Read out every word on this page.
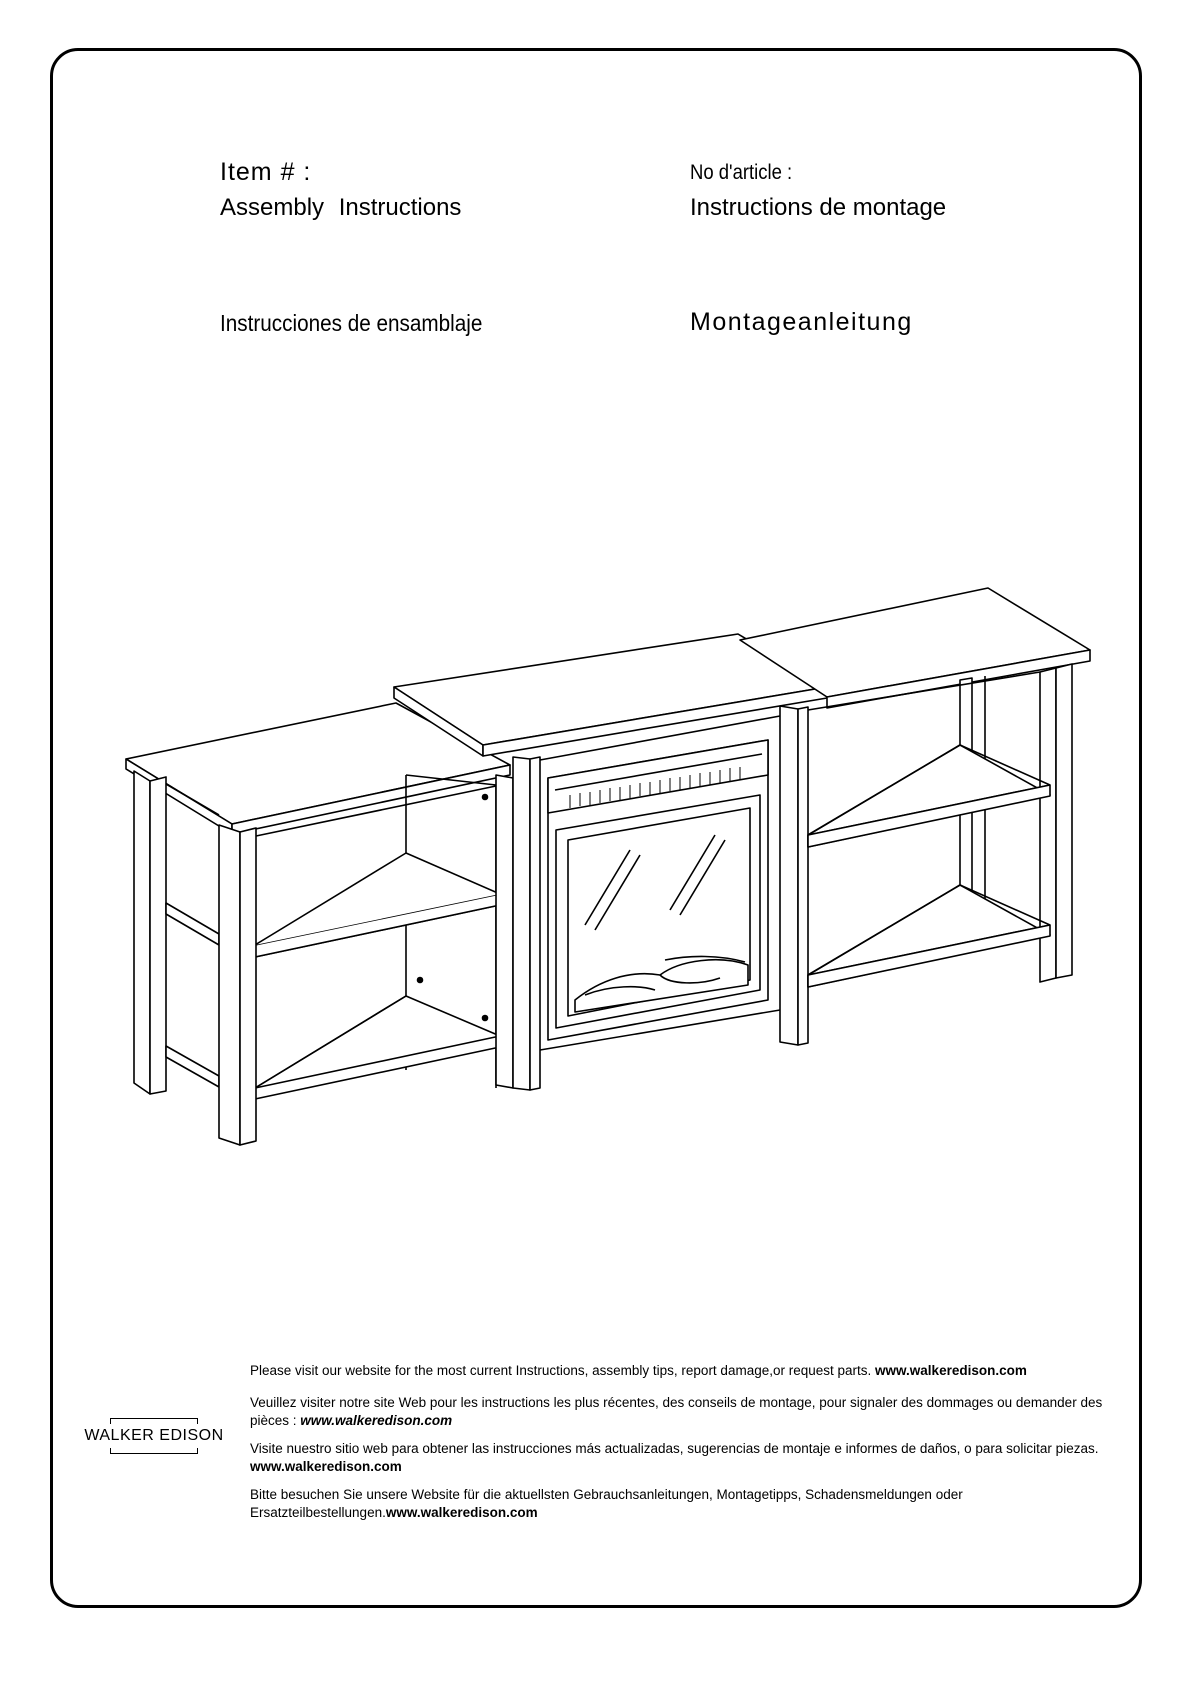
Item # :
Assembly Instructions
No d'article :
Instructions de montage
Instrucciones de ensamblaje	Montageanleitung
WALKER EDISON
Please visit our website for the most current Instructions, assembly tips, report damage,or request parts. www.walkeredison.com
Veuillez visiter notre site Web pour les instructions les plus récentes, des conseils de montage, pour signaler des dommages ou demander des pièces : www.walkeredison.com
Visite nuestro sitio web para obtener las instrucciones más actualizadas, sugerencias de montaje e informes de daños, o para solicitar piezas. www.walkeredison.com
Bitte besuchen Sie unsere Website für die aktuellsten Gebrauchsanleitungen, Montagetipps, Schadensmeldungen oder Ersatzteilbestellungen.www.walkeredison.com
